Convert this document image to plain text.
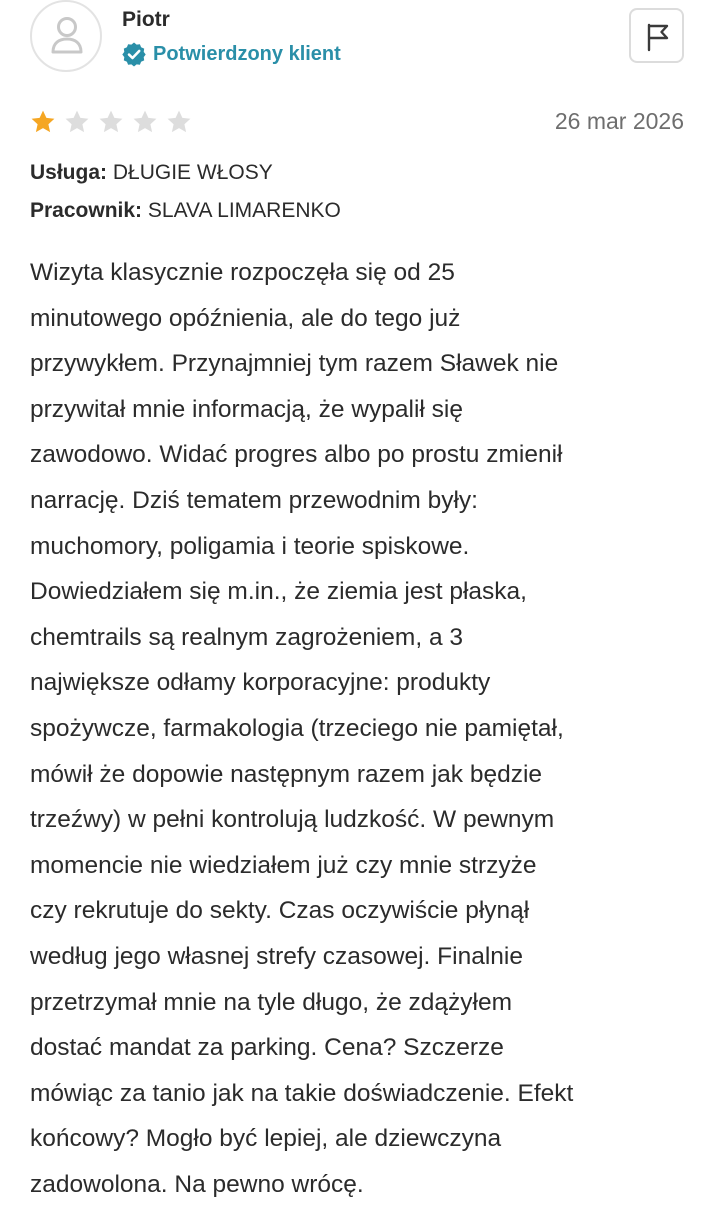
Piotr
Potwierdzony klient
26 mar 2026
Usługa: DŁUGIE WŁOSY
Pracownik: SLAVA LIMARENKO

Wizyta klasycznie rozpoczęła się od 25
minutowego opóźnienia, ale do tego już
przywykłem. Przynajmniej tym razem Sławek nie
przywitał mnie informacją, że wypalił się
zawodowo. Widać progres albo po prostu zmienił
narrację. Dziś tematem przewodnim były:
muchomory, poligamia i teorie spiskowe.
Dowiedziałem się m.in., że ziemia jest płaska,
chemtrails są realnym zagrożeniem, a 3
największe odłamy korporacyjne: produkty
spożywcze, farmakologia (trzeciego nie pamiętał,
mówił że dopowie następnym razem jak będzie
trzeźwy) w pełni kontrolują ludzkość. W pewnym
momencie nie wiedziałem już czy mnie strzyże
czy rekrutuje do sekty. Czas oczywiście płynął
według jego własnej strefy czasowej. Finalnie
przetrzymał mnie na tyle długo, że zdążyłem
dostać mandat za parking. Cena? Szczerze
mówiąc za tanio jak na takie doświadczenie. Efekt
końcowy? Mogło być lepiej, ale dziewczyna
zadowolona. Na pewno wrócę.
